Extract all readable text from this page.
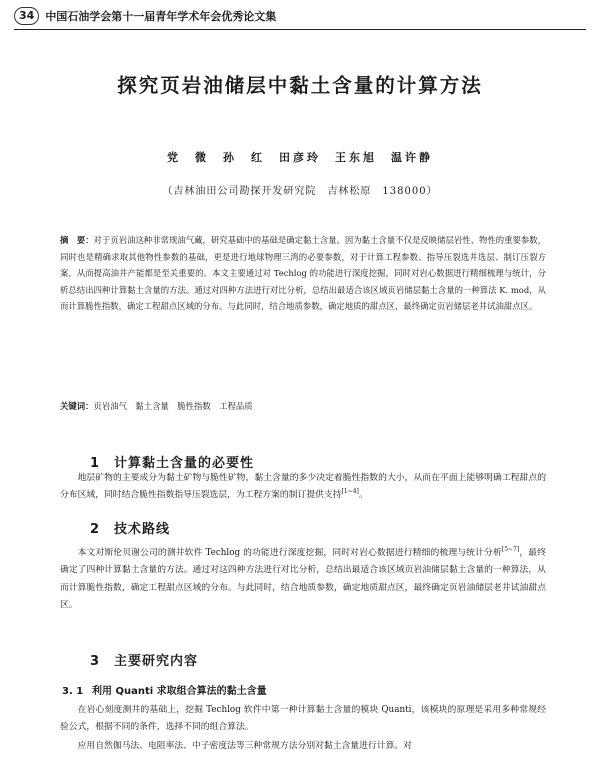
34	中国石油学会第十一届青年学术年会优秀论文集
探究页岩油储层中黏土含量的计算方法
党　微　孙　红　田彦玲　王东旭　温许静
（吉林油田公司勘探开发研究院　吉林松原　138000）
摘　要：对于页岩油这种非常规油气藏，研究基础中的基础是确定黏土含量。因为黏土含量不仅是反映储层岩性、物性的重要参数，同时也是精确求取其他物性参数的基础，更是进行地球物理三湾的必要参数，对于计算工程参数、指导压裂选井选层、制订压裂方案，从而提高油井产能都是至关重要的。本文主要通过对 Techlog 的功能进行深度挖掘，同时对岩心数据进行精细梳理与统计，分析总结出四种计算黏土含量的方法。通过对四种方法进行对比分析，总结出最适合该区域页岩储层黏土含量的一种算法 K. mod，从而计算脆性指数，确定工程甜点区域的分布。与此同时，结合地质参数，确定地质的甜点区，最终确定页岩储层老井试油甜点区。
关键词：页岩油气　黏土含量　脆性指数　工程品质
1 计算黏土含量的必要性
地层矿物的主要成分为黏土矿物与脆性矿物，黏土含量的多少决定着脆性指数的大小，从而在平面上能够明确工程甜点的分布区域，同时结合脆性指数指导压裂选层，为工程方案的制订提供支持[1~4]。
2 技术路线
本文对斯伦贝谢公司的测井软件 Techlog 的功能进行深度挖掘，同时对岩心数据进行精细的梳理与统计分析[5~7]，最终确定了四种计算黏土含量的方法。通过对这四种方法进行对比分析，总结出最适合该区域页岩油储层黏土含量的一种算法，从而计算脆性指数，确定工程甜点区域的分布。与此同时，结合地质参数，确定地质甜点区，最终确定页岩油储层老井试油甜点区。
3 主要研究内容
3. 1 利用 Quanti 求取组合算法的黏土含量
在岩心刻度测井的基础上，挖掘 Techlog 软件中第一种计算黏土含量的模块 Quanti，该模块的原理是采用多种常规经验公式，根据不同的条件，选择不同的组合算法。
应用自然伽马法、电阻率法、中子密度法等三种常规方法分别对黏土含量进行计算。对
